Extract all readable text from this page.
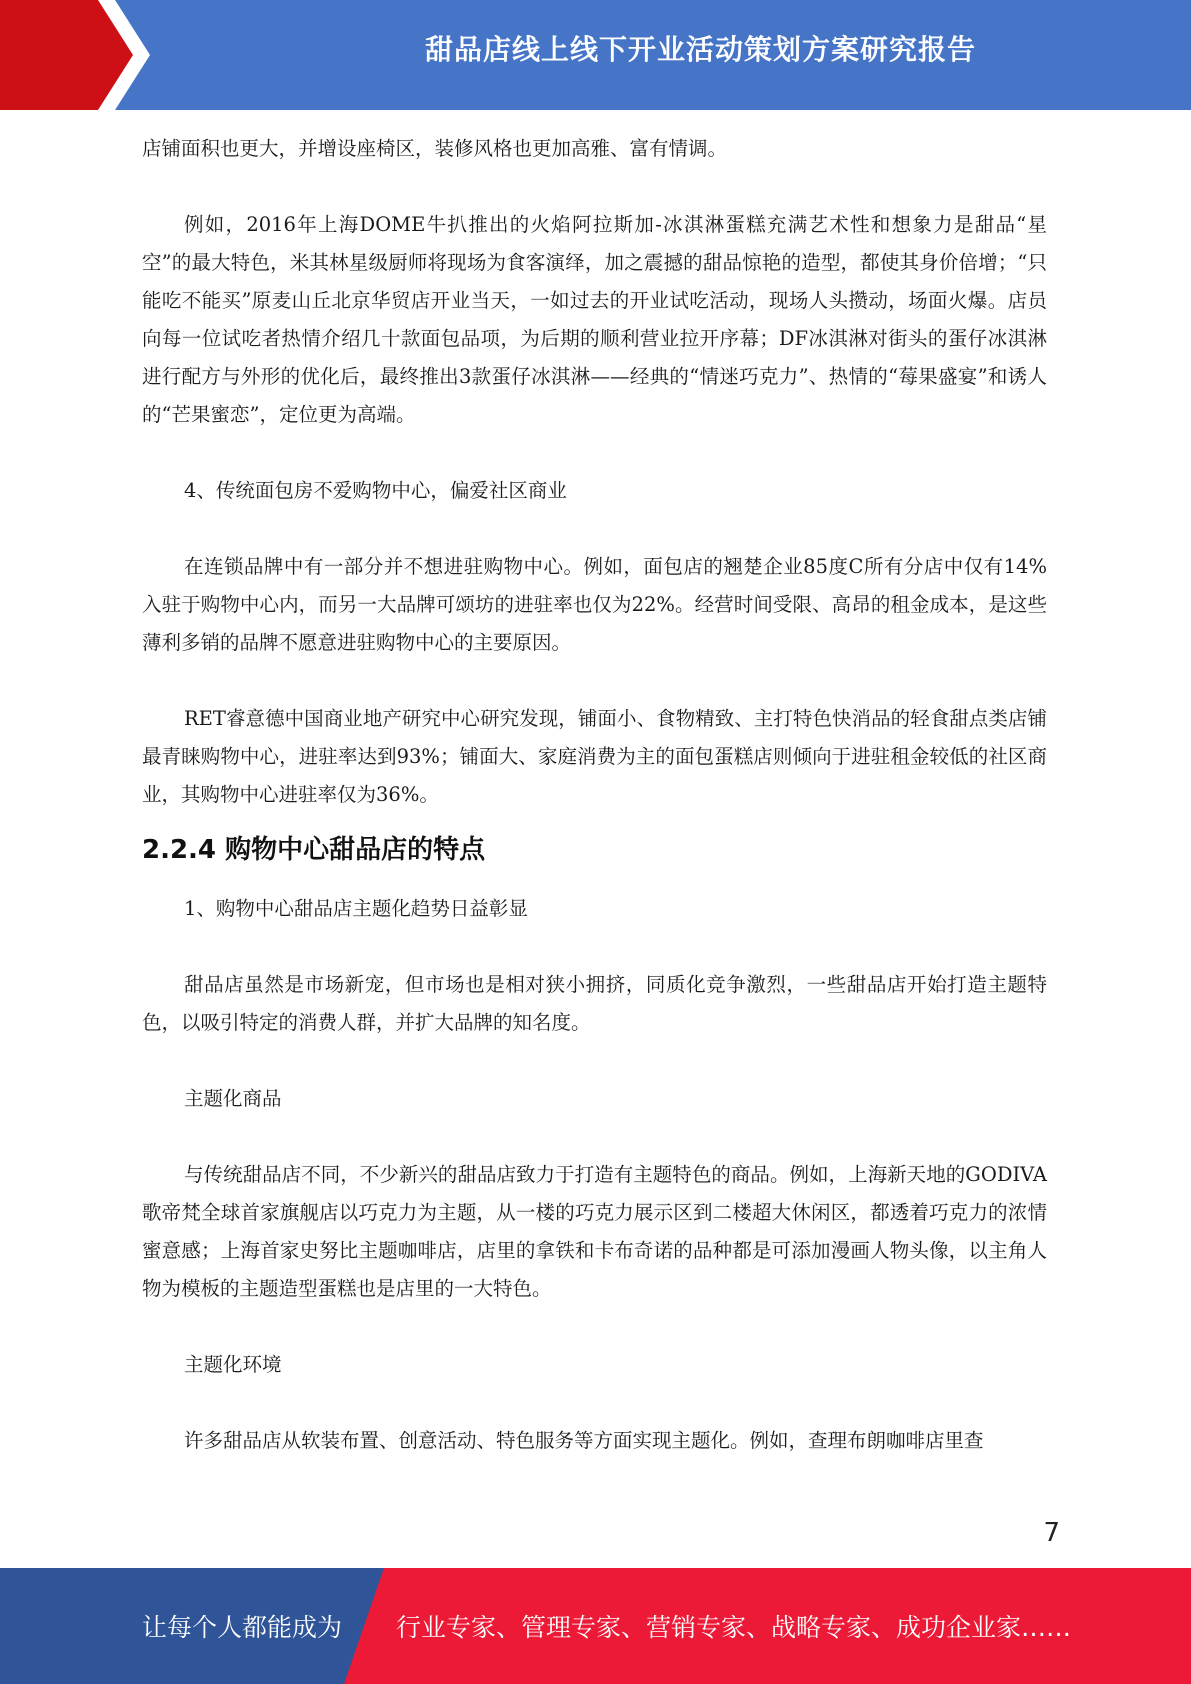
甜品店线上线下开业活动策划方案研究报告

店铺面积也更大，并增设座椅区，装修风格也更加高雅、富有情调。

例如，2016年上海DOME牛扒推出的火焰阿拉斯加-冰淇淋蛋糕充满艺术性和想象力是甜品“星空”的最大特色，米其林星级厨师将现场为食客演绎，加之震撼的甜品惊艳的造型，都使其身价倍增；“只能吃不能买”原麦山丘北京华贸店开业当天，一如过去的开业试吃活动，现场人头攒动，场面火爆。店员向每一位试吃者热情介绍几十款面包品项，为后期的顺利营业拉开序幕；DF冰淇淋对街头的蛋仔冰淇淋进行配方与外形的优化后，最终推出3款蛋仔冰淇淋——经典的“情迷巧克力”、热情的“莓果盛宴”和诱人的“芒果蜜恋”，定位更为高端。

4、传统面包房不爱购物中心，偏爱社区商业

在连锁品牌中有一部分并不想进驻购物中心。例如，面包店的翘楚企业85度C所有分店中仅有14%入驻于购物中心内，而另一大品牌可颂坊的进驻率也仅为22%。经营时间受限、高昂的租金成本，是这些薄利多销的品牌不愿意进驻购物中心的主要原因。

RET睿意德中国商业地产研究中心研究发现，铺面小、食物精致、主打特色快消品的轻食甜点类店铺最青睐购物中心，进驻率达到93%；铺面大、家庭消费为主的面包蛋糕店则倾向于进驻租金较低的社区商业，其购物中心进驻率仅为36%。

2.2.4 购物中心甜品店的特点

1、购物中心甜品店主题化趋势日益彰显

甜品店虽然是市场新宠，但市场也是相对狭小拥挤，同质化竞争激烈，一些甜品店开始打造主题特色，以吸引特定的消费人群，并扩大品牌的知名度。

主题化商品

与传统甜品店不同，不少新兴的甜品店致力于打造有主题特色的商品。例如，上海新天地的GODIVA歌帝梵全球首家旗舰店以巧克力为主题，从一楼的巧克力展示区到二楼超大休闲区，都透着巧克力的浓情蜜意感；上海首家史努比主题咖啡店，店里的拿铁和卡布奇诺的品种都是可添加漫画人物头像，以主角人物为模板的主题造型蛋糕也是店里的一大特色。

主题化环境

许多甜品店从软装布置、创意活动、特色服务等方面实现主题化。例如，查理布朗咖啡店里查

7
让每个人都能成为 行业专家、管理专家、营销专家、战略专家、成功企业家……
